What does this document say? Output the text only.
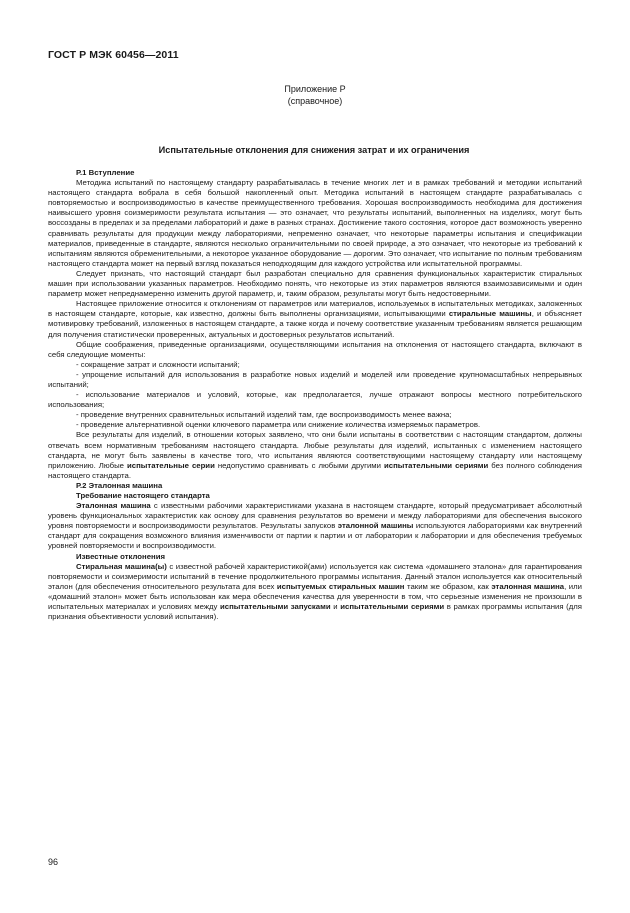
ГОСТ Р МЭК 60456—2011
Приложение Р
(справочное)
Испытательные отклонения для снижения затрат и их ограничения

Р.1 Вступление

Методика испытаний по настоящему стандарту разрабатывалась в течение многих лет и в рамках требований и методики испытаний настоящего стандарта вобрала в себя большой накопленный опыт. Методика испытаний в настоящем стандарте разрабатывалась с повторяемостью и воспроизводимостью в качестве преимущественного требования. Хорошая воспроизводимость необходима для достижения наивысшего уровня соизмеримости результата испытания — это означает, что результаты испытаний, выполненных на изделиях, могут быть воссозданы в пределах и за пределами лабораторий и даже в разных странах. Достижение такого состояния, которое даст возможность уверенно сравнивать результаты для продукции между лабораториями, непременно означает, что некоторые параметры испытания и спецификации материалов, приведенные в стандарте, являются несколько ограничительными по своей природе, а это означает, что некоторые из требований к испытаниям являются обременительными, а некоторое указанное оборудование — дорогим. Это означает, что испытание по полным требованиям настоящего стандарта может на первый взгляд показаться неподходящим для каждого устройства или испытательной программы.

Следует признать, что настоящий стандарт был разработан специально для сравнения функциональных характеристик стиральных машин при использовании указанных параметров. Необходимо понять, что некоторые из этих параметров являются взаимозависимыми и один параметр может непреднамеренно изменить другой параметр, и, таким образом, результаты могут быть недостоверными.

Настоящее приложение относится к отклонениям от параметров или материалов, используемых в испытательных методиках, заложенных в настоящем стандарте, которые, как известно, должны быть выполнены организациями, испытывающими стиральные машины, и объясняет мотивировку требований, изложенных в настоящем стандарте, а также когда и почему соответствие указанным требованиям является решающим для получения статистически проверенных, актуальных и достоверных результатов испытаний.

Общие соображения, приведенные организациями, осуществляющими испытания на отклонения от настоящего стандарта, включают в себя следующие моменты:

- сокращение затрат и сложности испытаний;

- упрощение испытаний для использования в разработке новых изделий и моделей или проведение крупномасштабных непрерывных испытаний;

- использование материалов и условий, которые, как предполагается, лучше отражают вопросы местного потребительского использования;

- проведение внутренних сравнительных испытаний изделий там, где воспроизводимость менее важна;

- проведение альтернативной оценки ключевого параметра или снижение количества измеряемых параметров.

Все результаты для изделий, в отношении которых заявлено, что они были испытаны в соответствии с настоящим стандартом, должны отвечать всем нормативным требованиям настоящего стандарта. Любые результаты для изделий, испытанных с изменением настоящего стандарта, не могут быть заявлены в качестве того, что испытания являются соответствующими настоящему стандарту или настоящему приложению. Любые испытательные серии недопустимо сравнивать с любыми другими испытательными сериями без полного соблюдения настоящего стандарта.

Р.2 Эталонная машина

Требование настоящего стандарта

Эталонная машина с известными рабочими характеристиками указана в настоящем стандарте, который предусматривает абсолютный уровень функциональных характеристик как основу для сравнения результатов во времени и между лабораториями для обеспечения высокого уровня повторяемости и воспроизводимости результатов. Результаты запусков эталонной машины используются лабораториями как внутренний стандарт для сокращения возможного влияния изменчивости от партии к партии и от лаборатории к лаборатории и для обеспечения требуемых уровней повторяемости и воспроизводимости.

Известные отклонения

Стиральная машина(ы) с известной рабочей характеристикой(ами) используется как система «домашнего эталона» для гарантирования повторяемости и соизмеримости испытаний в течение продолжительного программы испытания. Данный эталон используется как относительный эталон (для обеспечения относительного результата для всех испытуемых стиральных машин таким же образом, как эталонная машина, или «домашний эталон» может быть использован как мера обеспечения качества для уверенности в том, что серьезные изменения не произошли в испытательных материалах и условиях между испытательными запусками и испытательными сериями в рамках программы испытания (для признания объективности условий испытания).

96
